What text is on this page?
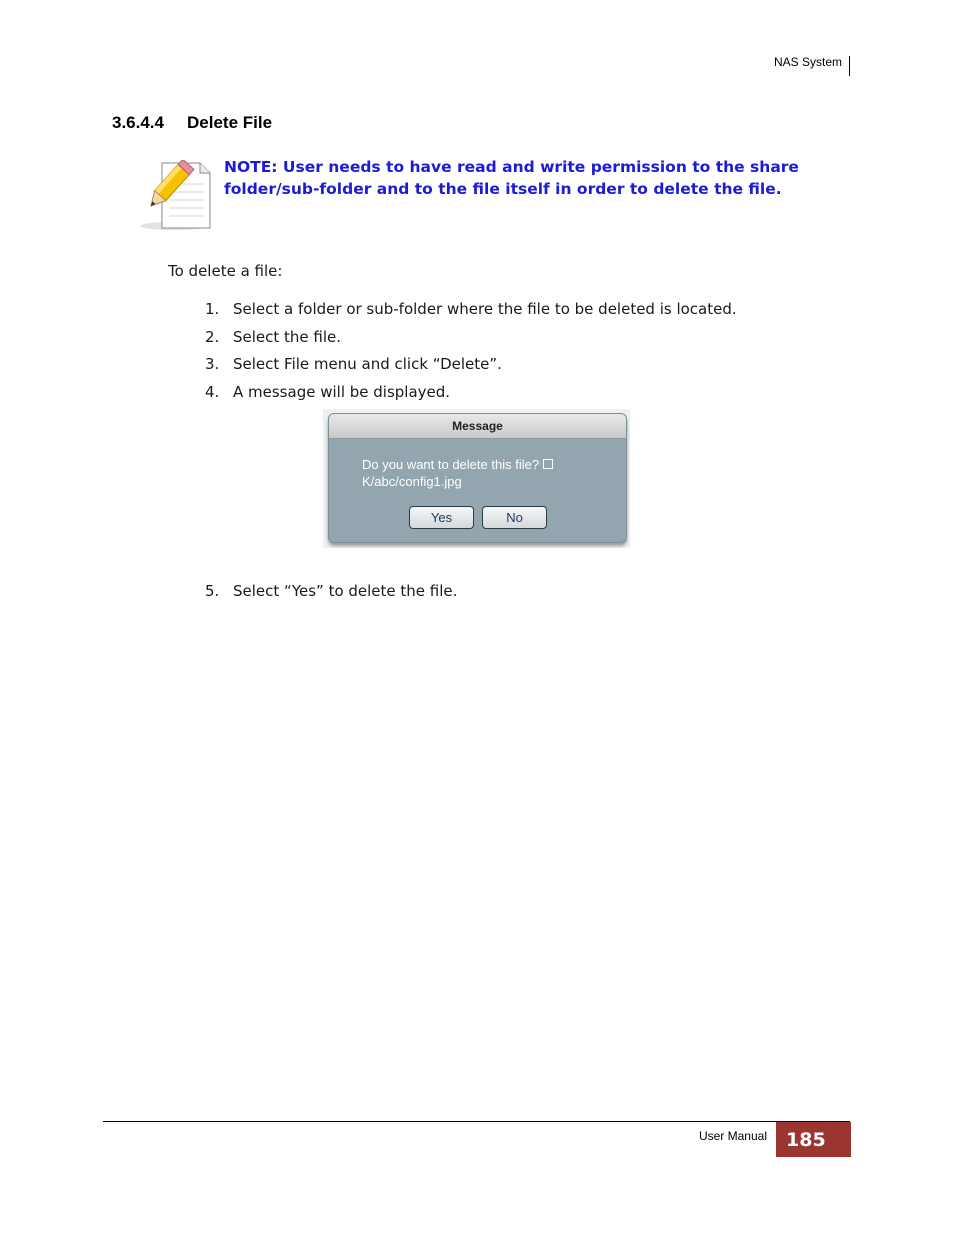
NAS System
3.6.4.4 Delete File
NOTE: User needs to have read and write permission to the share folder/sub-folder and to the file itself in order to delete the file.
To delete a file:
1. Select a folder or sub-folder where the file to be deleted is located.
2. Select the file.
3. Select File menu and click “Delete”.
4. A message will be displayed.
Message
Do you want to delete this file?
K/abc/config1.jpg
Yes	No
5. Select “Yes” to delete the file.
User Manual	185
